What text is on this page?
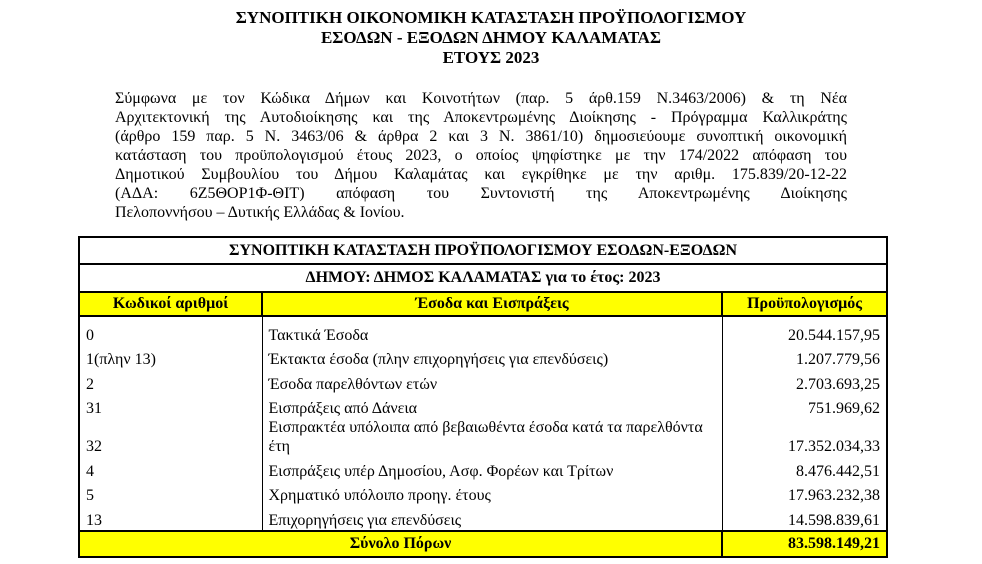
ΣΥΝΟΠΤΙΚΗ ΟΙΚΟΝΟΜΙΚΗ ΚΑΤΑΣΤΑΣΗ ΠΡΟΫΠΟΛΟΓΙΣΜΟΥ
ΕΣΟΔΩΝ - ΕΞΟΔΩΝ ΔΗΜΟΥ ΚΑΛΑΜΑΤΑΣ
ΕΤΟΥΣ 2023
Σύμφωνα με τον Κώδικα Δήμων και Κοινοτήτων (παρ. 5 άρθ.159 Ν.3463/2006) & τη Νέα
Αρχιτεκτονική της Αυτοδιοίκησης και της Αποκεντρωμένης Διοίκησης - Πρόγραμμα Καλλικράτης
(άρθρο 159 παρ. 5 Ν. 3463/06 & άρθρα 2 και 3 Ν. 3861/10) δημοσιεύουμε συνοπτική οικονομική
κατάσταση του προϋπολογισμού έτους 2023, ο οποίος ψηφίστηκε με την 174/2022 απόφαση του
Δημοτικού Συμβουλίου του Δήμου Καλαμάτας και εγκρίθηκε με την αριθμ. 175.839/20-12-22
(ΑΔΑ: 6Ζ5ΘΟΡ1Φ-ΘΙΤ) απόφαση του Συντονιστή της Αποκεντρωμένης Διοίκησης
Πελοποννήσου – Δυτικής Ελλάδας & Ιονίου.
ΣΥΝΟΠΤΙΚΗ ΚΑΤΑΣΤΑΣΗ ΠΡΟΫΠΟΛΟΓΙΣΜΟΥ ΕΣΟΔΩΝ-ΕΞΟΔΩΝ		
ΔΗΜΟΥ: ΔΗΜΟΣ ΚΑΛΑΜΑΤΑΣ για το έτος: 2023		
Κωδικοί αριθμοί	Έσοδα και Εισπράξεις	Προϋπολογισμός
0	Τακτικά Έσοδα	20.544.157,95
1(πλην 13)	Έκτακτα έσοδα (πλην επιχορηγήσεις για επενδύσεις)	1.207.779,56
2	Έσοδα παρελθόντων ετών	2.703.693,25
31	Εισπράξεις από Δάνεια	751.969,62
32	Εισπρακτέα υπόλοιπα από βεβαιωθέντα έσοδα κατά τα παρελθόντα έτη	17.352.034,33
4	Εισπράξεις υπέρ Δημοσίου, Ασφ. Φορέων και Τρίτων	8.476.442,51
5	Χρηματικό υπόλοιπο προηγ. έτους	17.963.232,38
13	Επιχορηγήσεις για επενδύσεις	14.598.839,61
Σύνολο Πόρων		83.598.149,21
